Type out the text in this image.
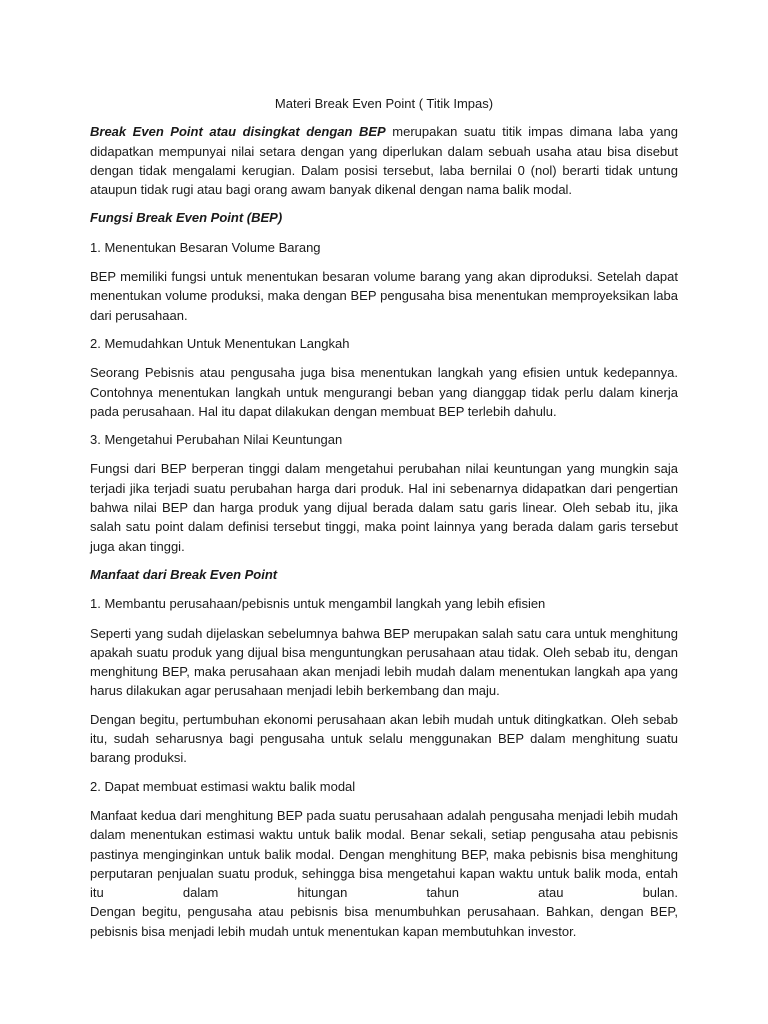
Materi Break Even Point ( Titik Impas)

Break Even Point atau disingkat dengan BEP merupakan suatu titik impas dimana laba yang didapatkan mempunyai nilai setara dengan yang diperlukan dalam sebuah usaha atau bisa disebut dengan tidak mengalami kerugian. Dalam posisi tersebut, laba bernilai 0 (nol) berarti tidak untung ataupun tidak rugi atau bagi orang awam banyak dikenal dengan nama balik modal.

Fungsi Break Even Point (BEP)
1. Menentukan Besaran Volume Barang

BEP memiliki fungsi untuk menentukan besaran volume barang yang akan diproduksi. Setelah dapat menentukan volume produksi, maka dengan BEP pengusaha bisa menentukan memproyeksikan laba dari perusahaan.

2. Memudahkan Untuk Menentukan Langkah

Seorang Pebisnis atau pengusaha juga bisa menentukan langkah yang efisien untuk kedepannya. Contohnya menentukan langkah untuk mengurangi beban yang dianggap tidak perlu dalam kinerja pada perusahaan. Hal itu dapat dilakukan dengan membuat BEP terlebih dahulu.

3. Mengetahui Perubahan Nilai Keuntungan

Fungsi dari BEP berperan tinggi dalam mengetahui perubahan nilai keuntungan yang mungkin saja terjadi jika terjadi suatu perubahan harga dari produk. Hal ini sebenarnya didapatkan dari pengertian bahwa nilai BEP dan harga produk yang dijual berada dalam satu garis linear. Oleh sebab itu, jika salah satu point dalam definisi tersebut tinggi, maka point lainnya yang berada dalam garis tersebut juga akan tinggi.

Manfaat dari Break Even Point
1. Membantu perusahaan/pebisnis untuk mengambil langkah yang lebih efisien

Seperti yang sudah dijelaskan sebelumnya bahwa BEP merupakan salah satu cara untuk menghitung apakah suatu produk yang dijual bisa menguntungkan perusahaan atau tidak. Oleh sebab itu, dengan menghitung BEP, maka perusahaan akan menjadi lebih mudah dalam menentukan langkah apa yang harus dilakukan agar perusahaan menjadi lebih berkembang dan maju.

Dengan begitu, pertumbuhan ekonomi perusahaan akan lebih mudah untuk ditingkatkan. Oleh sebab itu, sudah seharusnya bagi pengusaha untuk selalu menggunakan BEP dalam menghitung suatu barang produksi.

2. Dapat membuat estimasi waktu balik modal

Manfaat kedua dari menghitung BEP pada suatu perusahaan adalah pengusaha menjadi lebih mudah dalam menentukan estimasi waktu untuk balik modal. Benar sekali, setiap pengusaha atau pebisnis pastinya menginginkan untuk balik modal. Dengan menghitung BEP, maka pebisnis bisa menghitung perputaran penjualan suatu produk, sehingga bisa mengetahui kapan waktu untuk balik moda, entah itu dalam hitungan tahun atau bulan.

Dengan begitu, pengusaha atau pebisnis bisa menumbuhkan perusahaan. Bahkan, dengan BEP, pebisnis bisa menjadi lebih mudah untuk menentukan kapan membutuhkan investor.
